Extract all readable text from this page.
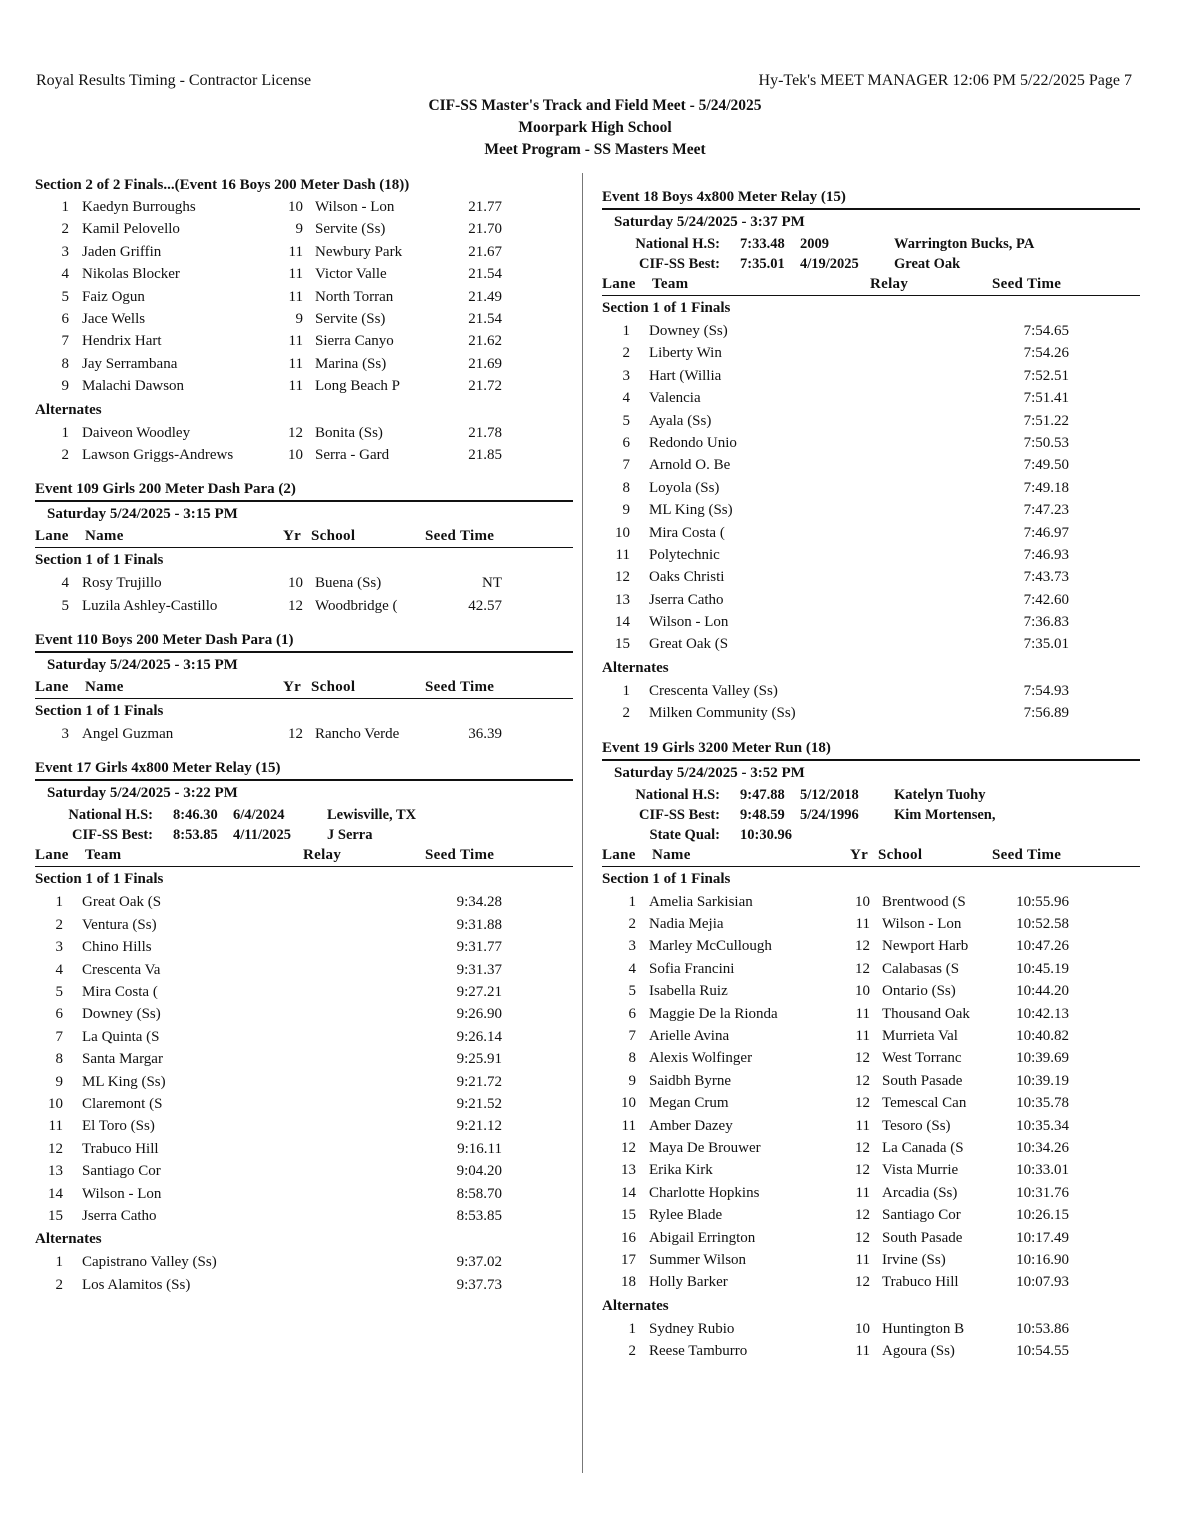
Royal Results Timing - Contractor License	Hy-Tek's MEET MANAGER 12:06 PM 5/22/2025 Page 7
CIF-SS Master's Track and Field Meet - 5/24/2025
Moorpark High School
Meet Program - SS Masters Meet
Section 2 of 2 Finals...(Event 16 Boys 200 Meter Dash (18))
1 Kaedyn Burroughs	10 Wilson - Lon	21.77
2 Kamil Pelovello	9 Servite (Ss)	21.70
3 Jaden Griffin	11 Newbury Park	21.67
4 Nikolas Blocker	11 Victor Valle	21.54
5 Faiz Ogun	11 North Torran	21.49
6 Jace Wells	9 Servite (Ss)	21.54
7 Hendrix Hart	11 Sierra Canyo	21.62
8 Jay Serrambana	11 Marina (Ss)	21.69
9 Malachi Dawson	11 Long Beach P	21.72
Alternates
1 Daiveon Woodley	12 Bonita (Ss)	21.78
2 Lawson Griggs-Andrews	10 Serra - Gard	21.85
Event 109 Girls 200 Meter Dash Para (2)
Saturday 5/24/2025 - 3:15 PM
Lane Name	Yr School	Seed Time
Section 1 of 1 Finals
4 Rosy Trujillo	10 Buena (Ss)	NT
5 Luzila Ashley-Castillo	12 Woodbridge (	42.57
Event 110 Boys 200 Meter Dash Para (1)
Saturday 5/24/2025 - 3:15 PM
Lane Name	Yr School	Seed Time
Section 1 of 1 Finals
3 Angel Guzman	12 Rancho Verde	36.39
Event 17 Girls 4x800 Meter Relay (15)
Saturday 5/24/2025 - 3:22 PM
National H.S: 8:46.30 6/4/2024	Lewisville, TX
CIF-SS Best: 8:53.85 4/11/2025 J Serra
Lane Team	Relay	Seed Time
Section 1 of 1 Finals
1 Great Oak (S	9:34.28
2 Ventura (Ss)	9:31.88
3 Chino Hills	9:31.77
4 Crescenta Va	9:31.37
5 Mira Costa (	9:27.21
6 Downey (Ss)	9:26.90
7 La Quinta (S	9:26.14
8 Santa Margar	9:25.91
9 ML King (Ss)	9:21.72
10 Claremont (S	9:21.52
11 El Toro (Ss)	9:21.12
12 Trabuco Hill	9:16.11
13 Santiago Cor	9:04.20
14 Wilson - Lon	8:58.70
15 Jserra Catho	8:53.85
Alternates
1 Capistrano Valley (Ss)	9:37.02
2 Los Alamitos (Ss)	9:37.73
Event 18 Boys 4x800 Meter Relay (15)
Saturday 5/24/2025 - 3:37 PM
National H.S: 7:33.48 2009	Warrington Bucks, PA
CIF-SS Best: 7:35.01 4/19/2025 Great Oak
Lane Team	Relay	Seed Time
Section 1 of 1 Finals
1 Downey (Ss)	7:54.65
2 Liberty Win	7:54.26
3 Hart (Willia	7:52.51
4 Valencia	7:51.41
5 Ayala (Ss)	7:51.22
6 Redondo Unio	7:50.53
7 Arnold O. Be	7:49.50
8 Loyola (Ss)	7:49.18
9 ML King (Ss)	7:47.23
10 Mira Costa (	7:46.97
11 Polytechnic	7:46.93
12 Oaks Christi	7:43.73
13 Jserra Catho	7:42.60
14 Wilson - Lon	7:36.83
15 Great Oak (S	7:35.01
Alternates
1 Crescenta Valley (Ss)	7:54.93
2 Milken Community (Ss)	7:56.89
Event 19 Girls 3200 Meter Run (18)
Saturday 5/24/2025 - 3:52 PM
National H.S: 9:47.88 5/12/2018 Katelyn Tuohy
CIF-SS Best: 9:48.59 5/24/1996 Kim Mortensen,
State Qual: 10:30.96
Lane Name	Yr School	Seed Time
Section 1 of 1 Finals
1 Amelia Sarkisian	10 Brentwood (S	10:55.96
2 Nadia Mejia	11 Wilson - Lon	10:52.58
3 Marley McCullough	12 Newport Harb	10:47.26
4 Sofia Francini	12 Calabasas (S	10:45.19
5 Isabella Ruiz	10 Ontario (Ss)	10:44.20
6 Maggie De la Rionda	11 Thousand Oak	10:42.13
7 Arielle Avina	11 Murrieta Val	10:40.82
8 Alexis Wolfinger	12 West Torranc	10:39.69
9 Saidbh Byrne	12 South Pasade	10:39.19
10 Megan Crum	12 Temescal Can	10:35.78
11 Amber Dazey	11 Tesoro (Ss)	10:35.34
12 Maya De Brouwer	12 La Canada (S	10:34.26
13 Erika Kirk	12 Vista Murrie	10:33.01
14 Charlotte Hopkins	11 Arcadia (Ss)	10:31.76
15 Rylee Blade	12 Santiago Cor	10:26.15
16 Abigail Errington	12 South Pasade	10:17.49
17 Summer Wilson	11 Irvine (Ss)	10:16.90
18 Holly Barker	12 Trabuco Hill	10:07.93
Alternates
1 Sydney Rubio	10 Huntington B	10:53.86
2 Reese Tamburro	11 Agoura (Ss)	10:54.55
